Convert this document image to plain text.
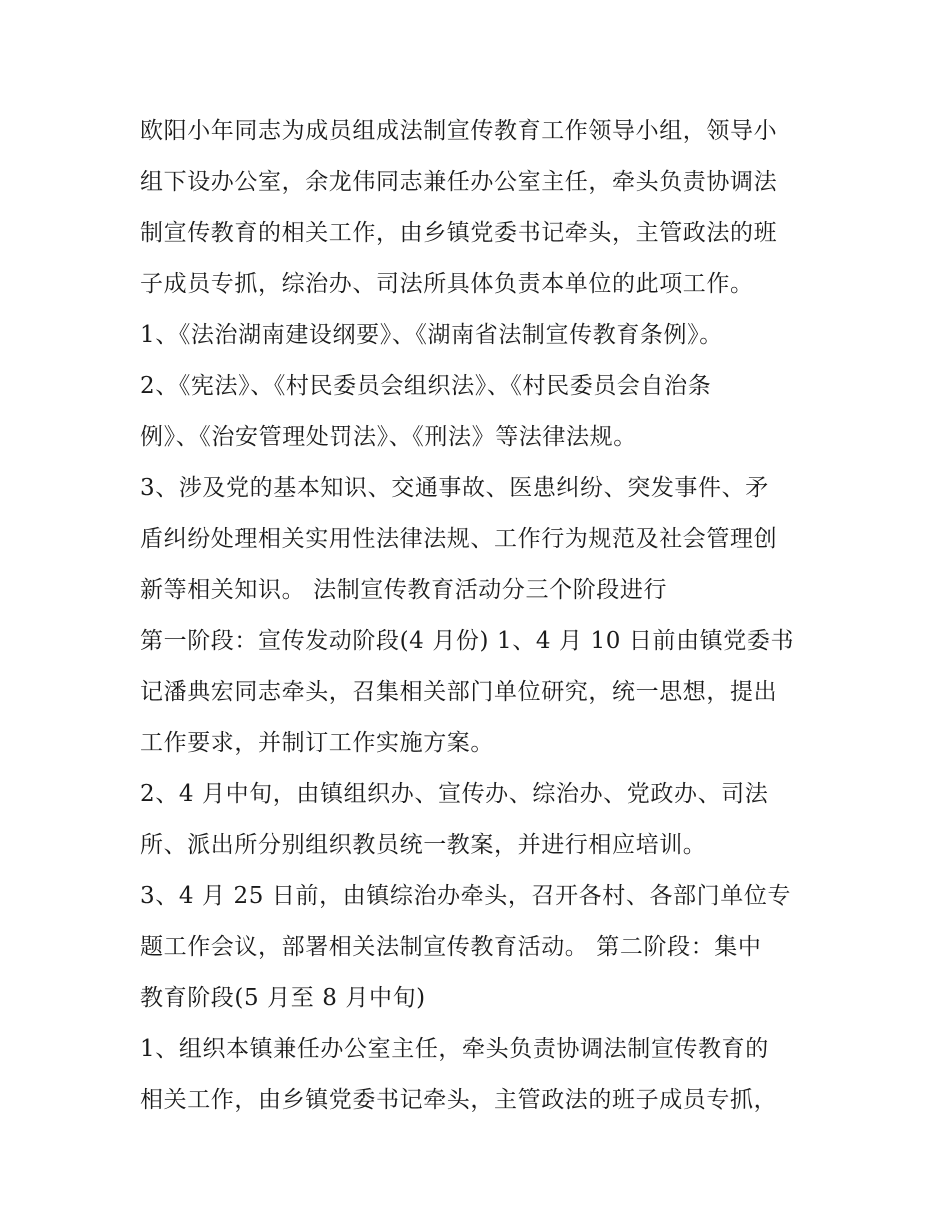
欧阳小年同志为成员组成法制宣传教育工作领导小组，领导小
组下设办公室，余龙伟同志兼任办公室主任，牵头负责协调法
制宣传教育的相关工作，由乡镇党委书记牵头，主管政法的班
子成员专抓，综治办、司法所具体负责本单位的此项工作。
1、《法治湖南建设纲要》、《湖南省法制宣传教育条例》。
2、《宪法》、《村民委员会组织法》、《村民委员会自治条
例》、《治安管理处罚法》、《刑法》等法律法规。
3、涉及党的基本知识、交通事故、医患纠纷、突发事件、矛
盾纠纷处理相关实用性法律法规、工作行为规范及社会管理创
新等相关知识。 法制宣传教育活动分三个阶段进行
第一阶段：宣传发动阶段(4 月份) 1、4 月 10 日前由镇党委书
记潘典宏同志牵头，召集相关部门单位研究，统一思想，提出
工作要求，并制订工作实施方案。
2、4 月中旬，由镇组织办、宣传办、综治办、党政办、司法
所、派出所分别组织教员统一教案，并进行相应培训。
3、4 月 25 日前，由镇综治办牵头，召开各村、各部门单位专
题工作会议，部署相关法制宣传教育活动。 第二阶段：集中
教育阶段(5 月至 8 月中旬)
1、组织本镇兼任办公室主任，牵头负责协调法制宣传教育的
相关工作，由乡镇党委书记牵头，主管政法的班子成员专抓，
